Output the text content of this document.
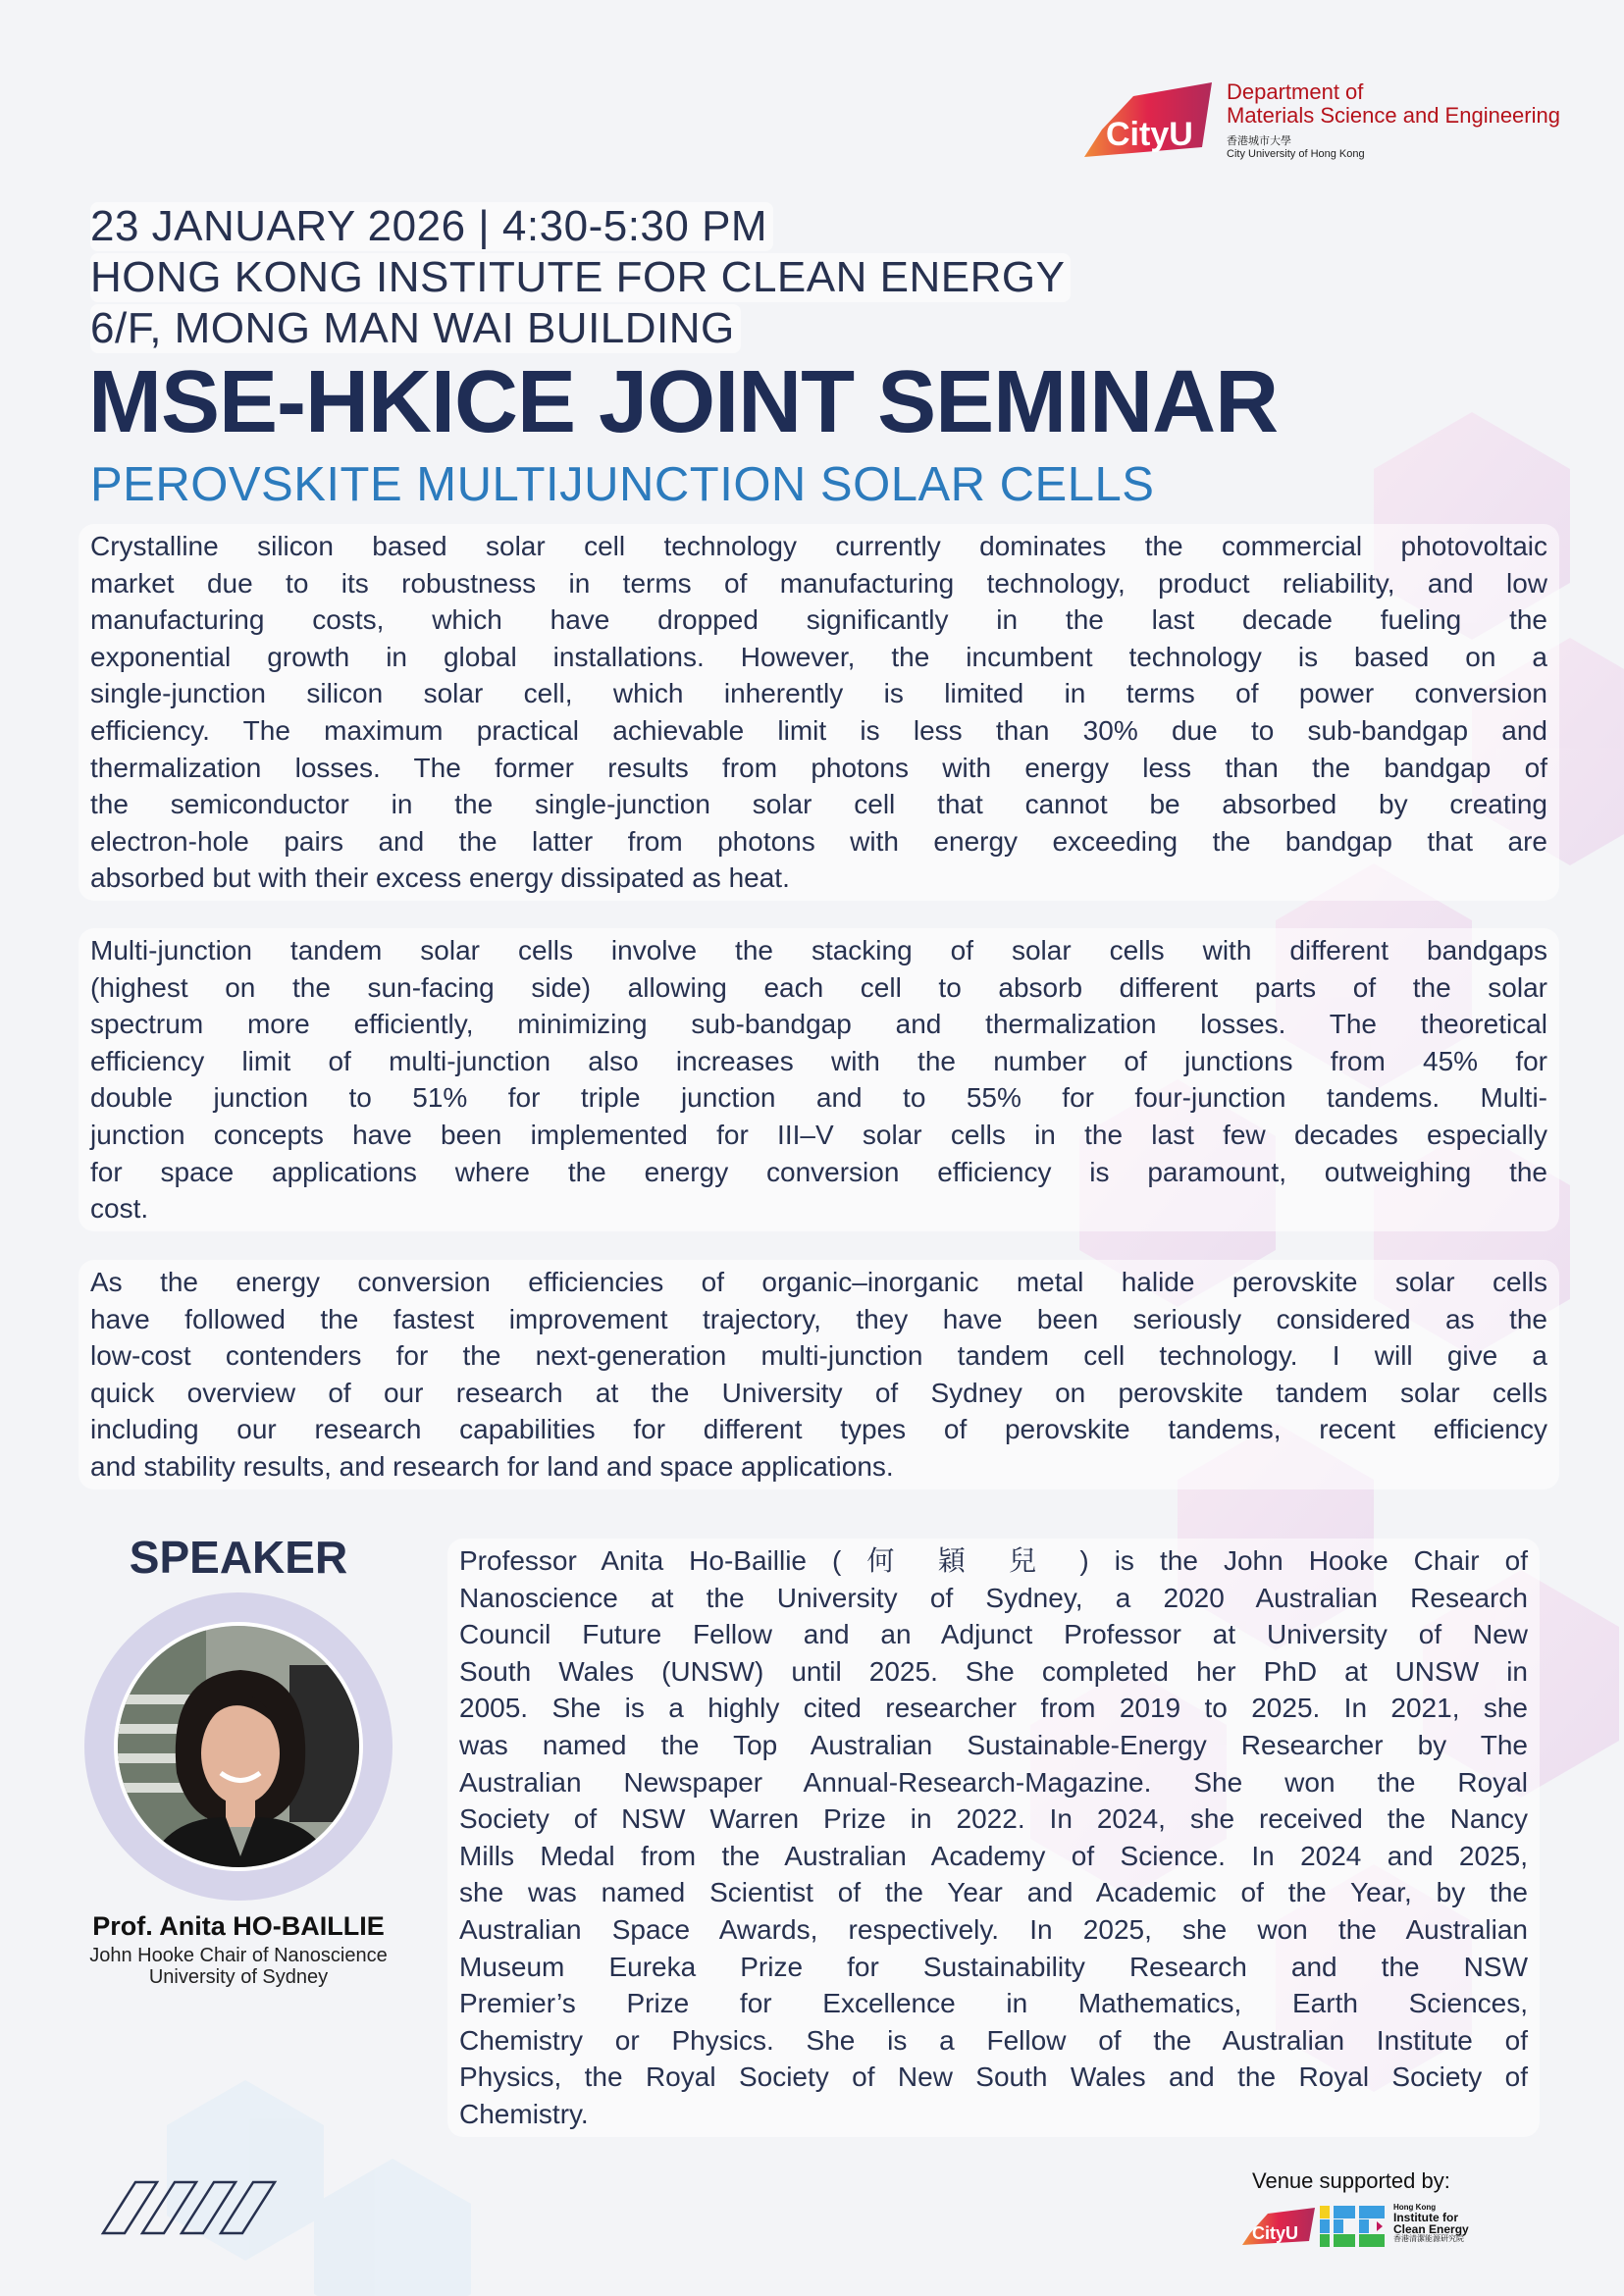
CityU
Department of
Materials Science and Engineering
香港城市大學
City University of Hong Kong
23 JANUARY 2026 | 4:30-5:30 PM
HONG KONG INSTITUTE FOR CLEAN ENERGY
6/F, MONG MAN WAI BUILDING
MSE-HKICE JOINT SEMINAR
PEROVSKITE MULTIJUNCTION SOLAR CELLS
Crystalline silicon based solar cell technology currently dominates the commercial photovoltaic
market due to its robustness in terms of manufacturing technology, product reliability, and low
manufacturing costs, which have dropped significantly in the last decade fueling the
exponential growth in global installations. However, the incumbent technology is based on a
single-junction silicon solar cell, which inherently is limited in terms of power conversion
efficiency. The maximum practical achievable limit is less than 30% due to sub-bandgap and
thermalization losses. The former results from photons with energy less than the bandgap of
the semiconductor in the single-junction solar cell that cannot be absorbed by creating
electron-hole pairs and the latter from photons with energy exceeding the bandgap that are
absorbed but with their excess energy dissipated as heat.
Multi-junction tandem solar cells involve the stacking of solar cells with different bandgaps
(highest on the sun-facing side) allowing each cell to absorb different parts of the solar
spectrum more efficiently, minimizing sub-bandgap and thermalization losses. The theoretical
efficiency limit of multi-junction also increases with the number of junctions from 45% for
double junction to 51% for triple junction and to 55% for four-junction tandems. Multi-
junction concepts have been implemented for III–V solar cells in the last few decades especially
for space applications where the energy conversion efficiency is paramount, outweighing the
cost.
As the energy conversion efficiencies of organic–inorganic metal halide perovskite solar cells
have followed the fastest improvement trajectory, they have been seriously considered as the
low-cost contenders for the next-generation multi-junction tandem cell technology. I will give a
quick overview of our research at the University of Sydney on perovskite tandem solar cells
including our research capabilities for different types of perovskite tandems, recent efficiency
and stability results, and research for land and space applications.
SPEAKER
Prof. Anita HO-BAILLIE
John Hooke Chair of Nanoscience
University of Sydney
Professor Anita Ho-Baillie ( 何 穎 兒 ) is the John Hooke Chair of
Nanoscience at the University of Sydney, a 2020 Australian Research
Council Future Fellow and an Adjunct Professor at University of New
South Wales (UNSW) until 2025. She completed her PhD at UNSW in
2005. She is a highly cited researcher from 2019 to 2025. In 2021, she
was named the Top Australian Sustainable-Energy Researcher by The
Australian Newspaper Annual-Research-Magazine. She won the Royal
Society of NSW Warren Prize in 2022. In 2024, she received the Nancy
Mills Medal from the Australian Academy of Science. In 2024 and 2025,
she was named Scientist of the Year and Academic of the Year, by the
Australian Space Awards, respectively. In 2025, she won the Australian
Museum Eureka Prize for Sustainability Research and the NSW
Premier’s Prize for Excellence in Mathematics, Earth Sciences,
Chemistry or Physics. She is a Fellow of the Australian Institute of
Physics, the Royal Society of New South Wales and the Royal Society of
Chemistry.
Venue supported by:
CityU
Hong Kong
Institute for
Clean Energy
香港清潔能源研究院
